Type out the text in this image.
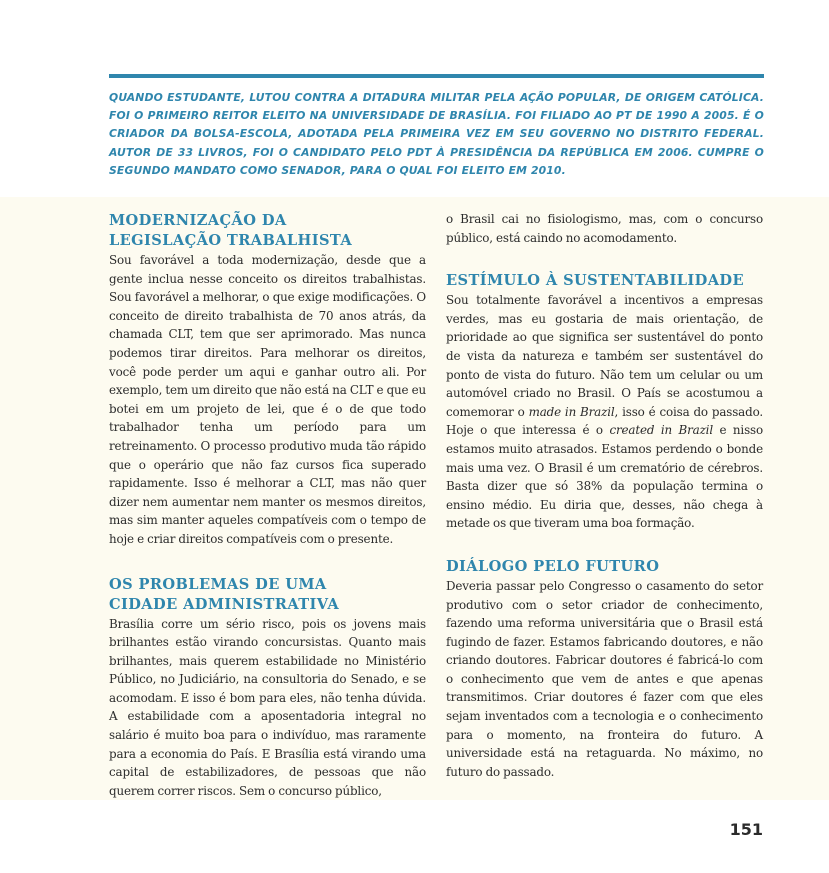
QUANDO ESTUDANTE, LUTOU CONTRA A DITADURA MILITAR PELA AÇÃO POPULAR, DE ORIGEM CATÓLICA. FOI O PRIMEIRO REITOR ELEITO NA UNIVERSIDADE DE BRASÍLIA. FOI FILIADO AO PT DE 1990 A 2005. É O CRIADOR DA BOLSA-ESCOLA, ADOTADA PELA PRIMEIRA VEZ EM SEU GOVERNO NO DISTRITO FEDERAL. AUTOR DE 33 LIVROS, FOI O CANDIDATO PELO PDT À PRESIDÊNCIA DA REPÚBLICA EM 2006. CUMPRE O SEGUNDO MANDATO COMO SENADOR, PARA O QUAL FOI ELEITO EM 2010.
MODERNIZAÇÃO DA
LEGISLAÇÃO TRABALHISTA

Sou favorável a toda modernização, desde que a gente inclua nesse conceito os direitos trabalhistas. Sou favorável a melhorar, o que exige modificações. O conceito de direito trabalhista de 70 anos atrás, da chamada CLT, tem que ser aprimorado. Mas nunca podemos tirar direitos. Para melhorar os direitos, você pode perder um aqui e ganhar outro ali. Por exemplo, tem um direito que não está na CLT e que eu botei em um projeto de lei, que é o de que todo trabalhador tenha um período para um retreinamento. O processo produtivo muda tão rápido que o operário que não faz cursos fica superado rapidamente. Isso é melhorar a CLT, mas não quer dizer nem aumentar nem manter os mesmos direitos, mas sim manter aqueles compatíveis com o tempo de hoje e criar direitos compatíveis com o presente.

OS PROBLEMAS DE UMA
CIDADE ADMINISTRATIVA

Brasília corre um sério risco, pois os jovens mais brilhantes estão virando concursistas. Quanto mais brilhantes, mais querem estabilidade no Ministério Público, no Judiciário, na consultoria do Senado, e se acomodam. E isso é bom para eles, não tenha dúvida. A estabilidade com a aposentadoria integral no salário é muito boa para o indivíduo, mas raramente para a economia do País. E Brasília está virando uma capital de estabilizadores, de pessoas que não querem correr riscos. Sem o concurso público,

o Brasil cai no fisiologismo, mas, com o concurso público, está caindo no acomodamento.

ESTÍMULO À SUSTENTABILIDADE

Sou totalmente favorável a incentivos a empresas verdes, mas eu gostaria de mais orientação, de prioridade ao que significa ser sustentável do ponto de vista da natureza e também ser sustentável do ponto de vista do futuro. Não tem um celular ou um automóvel criado no Brasil. O País se acostumou a comemorar o made in Brazil, isso é coisa do passado. Hoje o que interessa é o created in Brazil e nisso estamos muito atrasados. Estamos perdendo o bonde mais uma vez. O Brasil é um crematório de cérebros. Basta dizer que só 38% da população termina o ensino médio. Eu diria que, desses, não chega à metade os que tiveram uma boa formação.

DIÁLOGO PELO FUTURO

Deveria passar pelo Congresso o casamento do setor produtivo com o setor criador de conhecimento, fazendo uma reforma universitária que o Brasil está fugindo de fazer. Estamos fabricando doutores, e não criando doutores. Fabricar doutores é fabricá-lo com o conhecimento que vem de antes e que apenas transmitimos. Criar doutores é fazer com que eles sejam inventados com a tecnologia e o conhecimento para o momento, na fronteira do futuro. A universidade está na retaguarda. No máximo, no futuro do passado.

151
